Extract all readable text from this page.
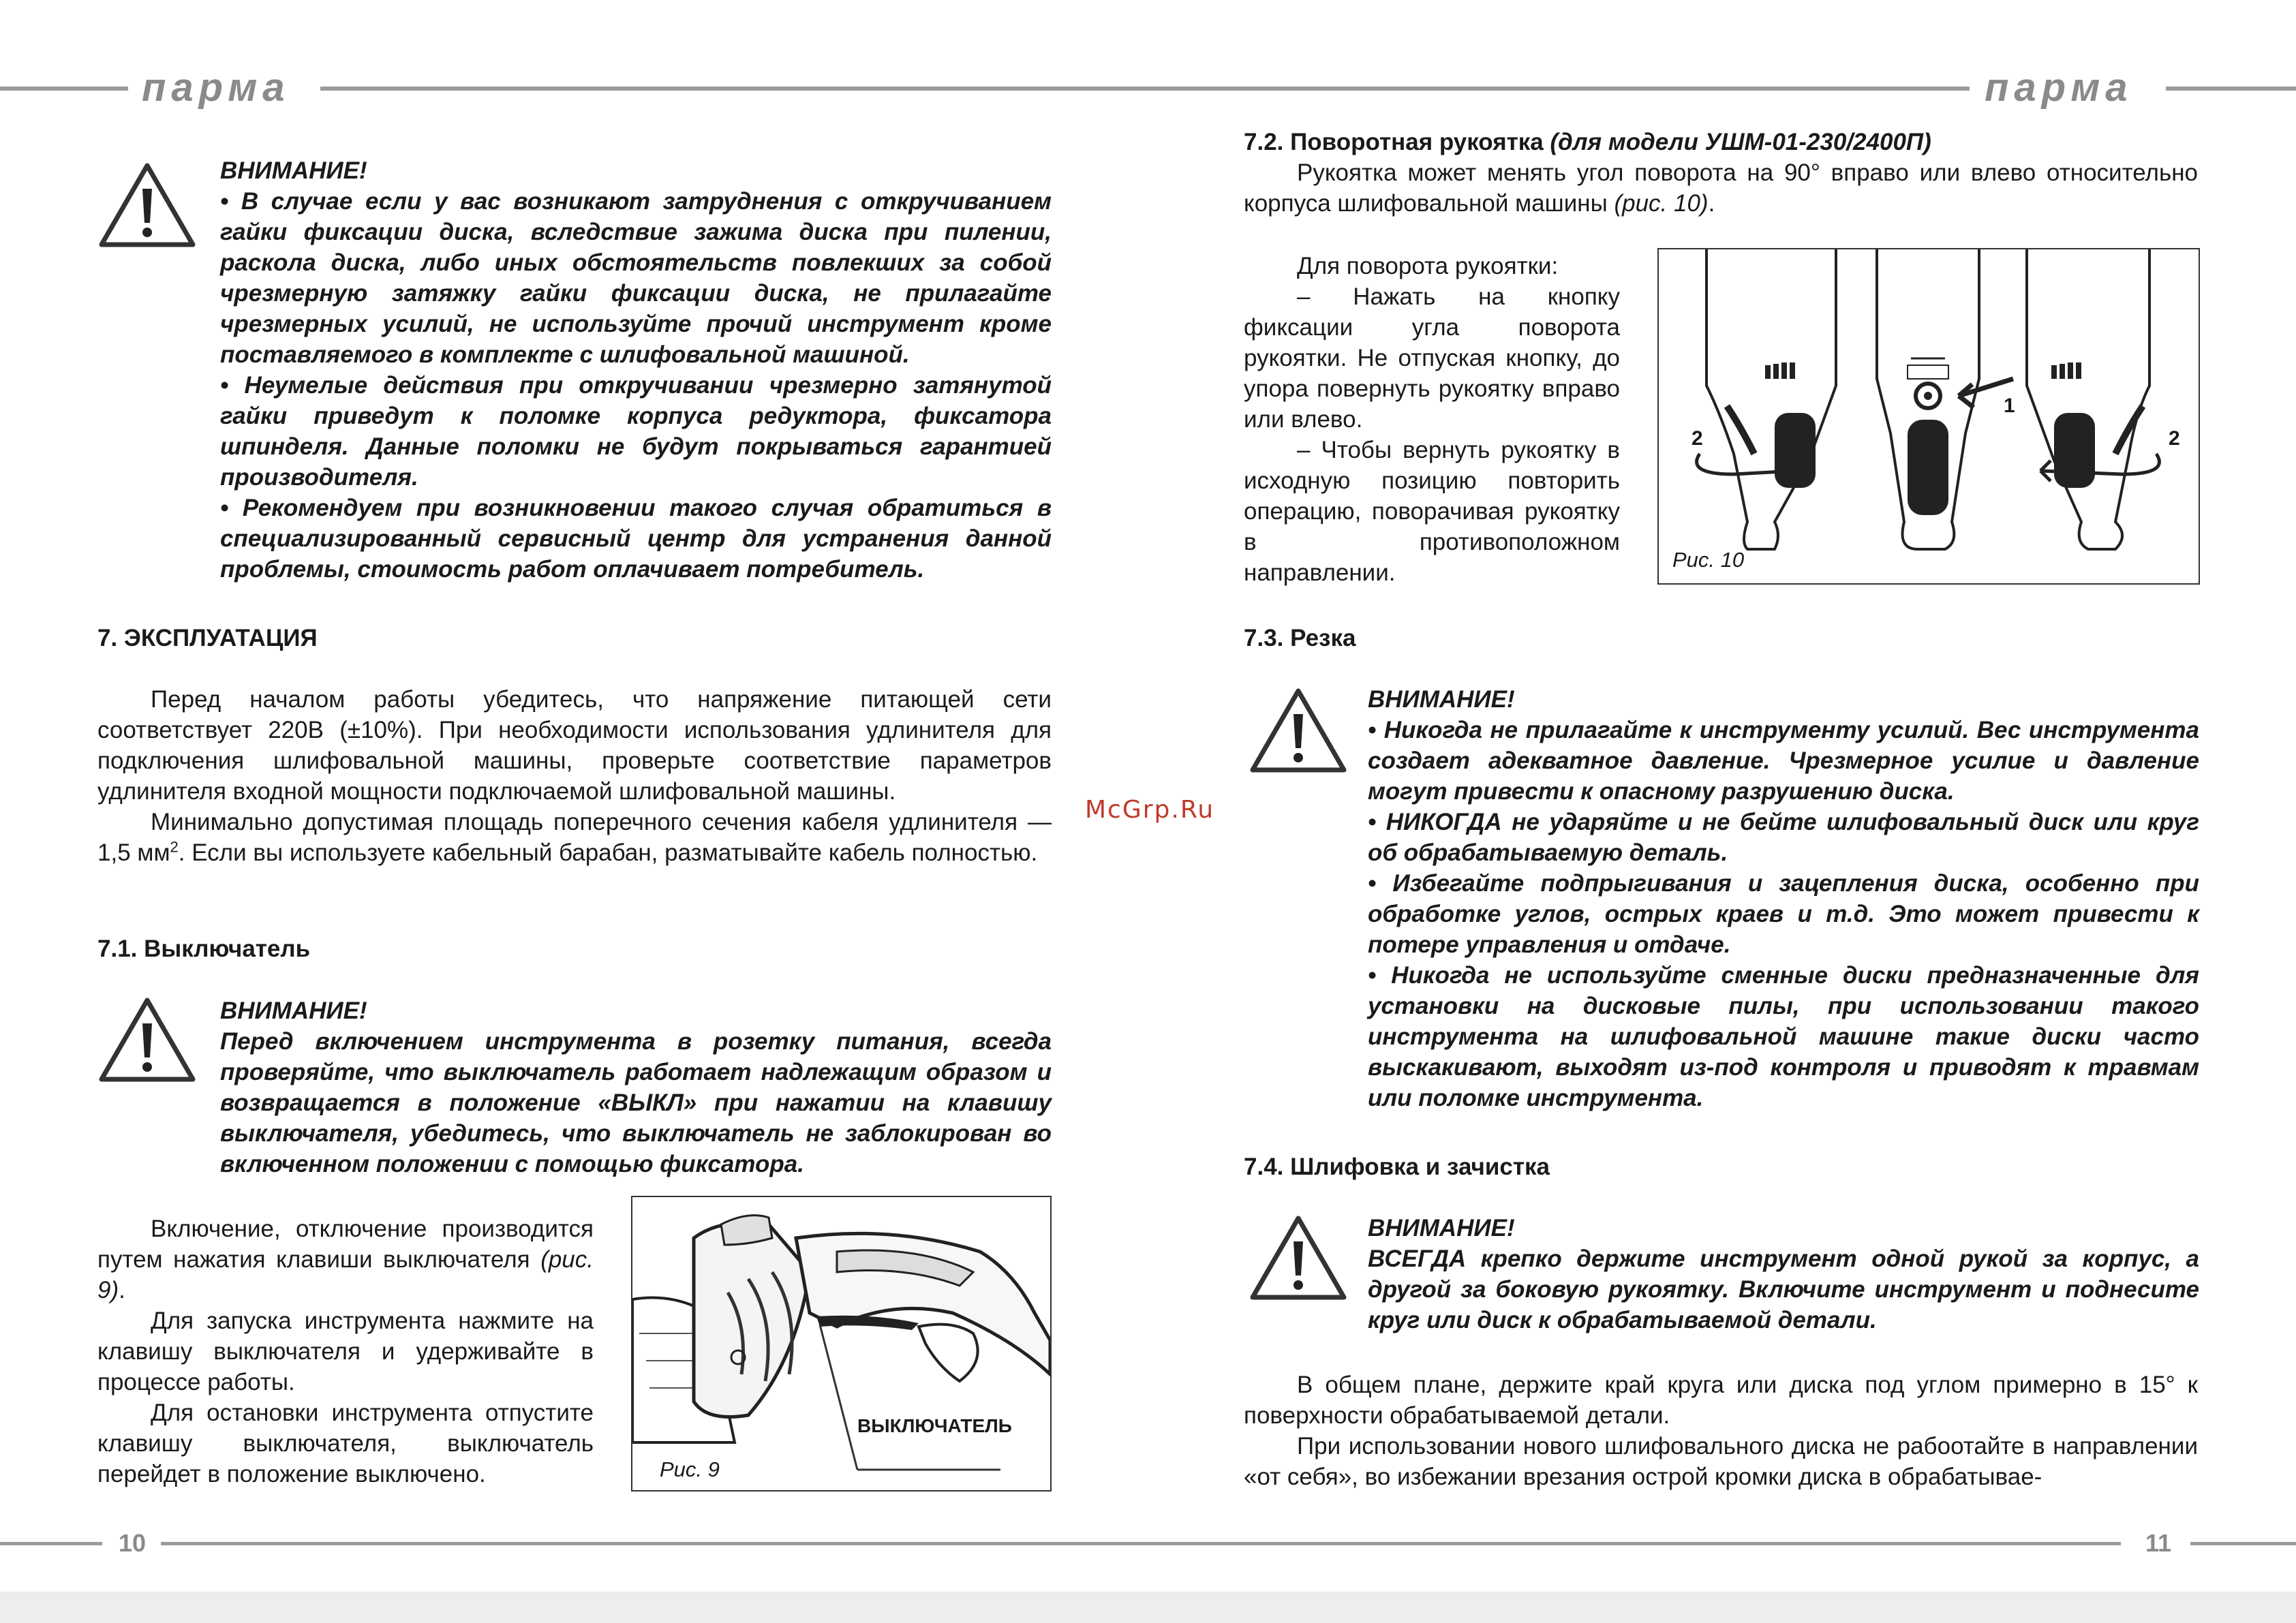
парма	парма

ВНИМАНИЕ!

• В случае если у вас возникают затруднения с откручиванием гайки фиксации диска, вследствие зажима диска при пилении, раскола диска, либо иных обстоятельств повлекших за собой чрезмерную затяжку гайки фиксации диска, не прилагайте чрезмерных усилий, не используйте прочий инструмент кроме поставляемого в комплекте с шлифовальной машиной.

• Неумелые действия при откручивании чрезмерно затянутой гайки приведут к поломке корпуса редуктора, фиксатора шпинделя. Данные поломки не будут покрываться гарантией производителя.

• Рекомендуем при возникновении такого случая обратиться в специализированный сервисный центр для устранения данной проблемы, стоимость работ оплачивает потребитель.

7. ЭКСПЛУАТАЦИЯ

Перед началом работы убедитесь, что напряжение питающей сети соответствует 220В (±10%). При необходимости использования удлинителя для подключения шлифовальной машины, проверьте соответствие параметров удлинителя входной мощности подключаемой шлифовальной машины.

Минимально допустимая площадь поперечного сечения кабеля удлинителя — 1,5 $мм^2$. Если вы используете кабельный барабан, разматывайте кабель полностью.

7.1. Выключатель

ВНИМАНИЕ!

Перед включением инструмента в розетку питания, всегда проверяйте, что выключатель работает надлежащим образом и возвращается в положение «ВЫКЛ» при нажатии на клавишу выключателя, убедитесь, что выключатель не заблокирован во включенном положении с помощью фиксатора.

Включение, отключение производится путем нажатия клавиши выключателя (рис. 9).

Для запуска инструмента нажмите на клавишу выключателя и удерживайте в процессе работы.

Для остановки инструмента отпустите клавишу выключателя, выключатель перейдет в положение выключено.

ВЫКЛЮЧАТЕЛЬ
Рис. 9
McGrp.Ru

7.2. Поворотная рукоятка (для модели УШМ-01-230/2400П)

Рукоятка может менять угол поворота на 90° вправо или влево относительно корпуса шлифовальной машины (рис. 10).

Для поворота рукоятки:

– Нажать на кнопку фиксации угла поворота рукоятки. Не отпуская кнопку, до упора повернуть рукоятку вправо или влево.

– Чтобы вернуть рукоятку в исходную позицию повторить операцию, поворачивая рукоятку в противоположном направлении.

1
2	2
Рис. 10

7.3. Резка

ВНИМАНИЕ!

• Никогда не прилагайте к инструменту усилий. Вес инструмента создает адекватное давление. Чрезмерное усилие и давление могут привести к опасному разрушению диска.

• НИКОГДА не ударяйте и не бейте шлифовальный диск или круг об обрабатываемую деталь.

• Избегайте подпрыгивания и зацепления диска, особенно при обработке углов, острых краев и т.д. Это может привести к потере управления и отдаче.

• Никогда не используйте сменные диски предназначенные для установки на дисковые пилы, при использовании такого инструмента на шлифовальной машине такие диски часто выскакивают, выходят из-под контроля и приводят к травмам или поломке инструмента.

7.4. Шлифовка и зачистка

ВНИМАНИЕ!

ВСЕГДА крепко держите инструмент одной рукой за корпус, а другой за боковую рукоятку. Включите инструмент и поднесите круг или диск к обрабатываемой детали.

В общем плане, держите край круга или диска под углом примерно в 15° к поверхности обрабатываемой детали.

При использовании нового шлифовального диска не рабоотайте в направлении «от себя», во избежании врезания острой кромки диска в обрабатывае-

10	11
